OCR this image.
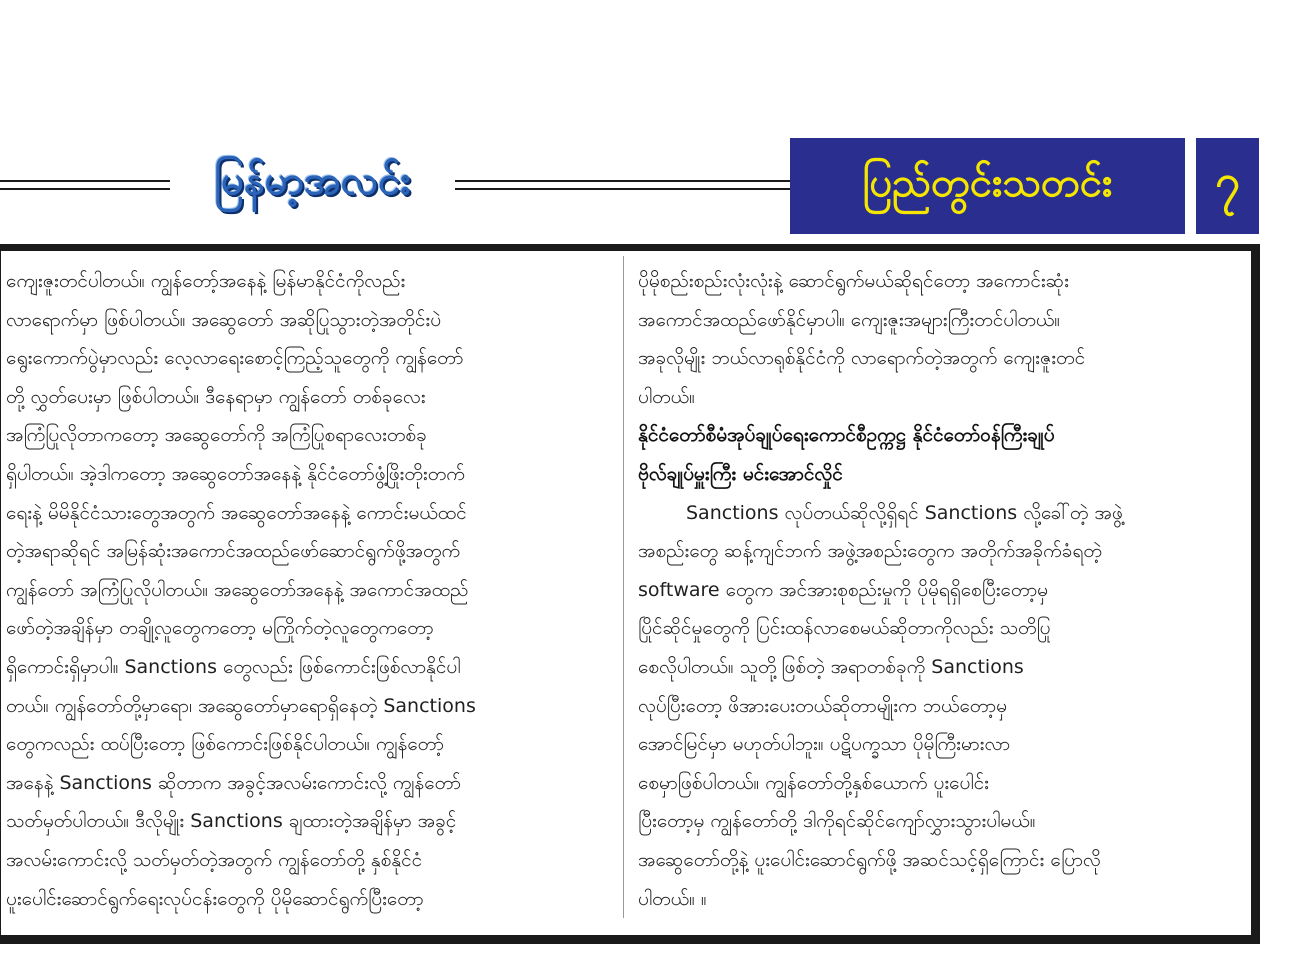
မြန်မာ့အလင်း	ပြည်တွင်းသတင်း ၇
ကျေးဇူးတင်ပါတယ်။ ကျွန်တော့်အနေနဲ့ မြန်မာနိုင်ငံကိုလည်း
လာရောက်မှာ ဖြစ်ပါတယ်။ အဆွေတော် အဆိုပြုသွားတဲ့အတိုင်းပဲ
ရွေးကောက်ပွဲမှာလည်း လေ့လာရေးစောင့်ကြည့်သူတွေကို ကျွန်တော်
တို့ လွှတ်ပေးမှာ ဖြစ်ပါတယ်။ ဒီနေရာမှာ ကျွန်တော် တစ်ခုလေး
အကြံပြုလိုတာကတော့ အဆွေတော်ကို အကြံပြုစရာလေးတစ်ခု
ရှိပါတယ်။ အဲ့ဒါကတော့ အဆွေတော်အနေနဲ့ နိုင်ငံတော်ဖွံ့ဖြိုးတိုးတက်
ရေးနဲ့ မိမိနိုင်ငံသားတွေအတွက် အဆွေတော်အနေနဲ့ ကောင်းမယ်ထင်
တဲ့အရာဆိုရင် အမြန်ဆုံးအကောင်အထည်ဖော်ဆောင်ရွက်ဖို့အတွက်
ကျွန်တော် အကြံပြုလိုပါတယ်။ အဆွေတော်အနေနဲ့ အကောင်အထည်
ဖော်တဲ့အချိန်မှာ တချို့လူတွေကတော့ မကြိုက်တဲ့လူတွေကတော့
ရှိကောင်းရှိမှာပါ။ Sanctions တွေလည်း ဖြစ်ကောင်းဖြစ်လာနိုင်ပါ
တယ်။ ကျွန်တော်တို့မှာရော၊ အဆွေတော်မှာရောရှိနေတဲ့ Sanctions
တွေကလည်း ထပ်ပြီးတော့ ဖြစ်ကောင်းဖြစ်နိုင်ပါတယ်။ ကျွန်တော့်
အနေနဲ့ Sanctions ဆိုတာက အခွင့်အလမ်းကောင်းလို့ ကျွန်တော်
သတ်မှတ်ပါတယ်။ ဒီလိုမျိုး Sanctions ချထားတဲ့အချိန်မှာ အခွင့်
အလမ်းကောင်းလို့ သတ်မှတ်တဲ့အတွက် ကျွန်တော်တို့ နှစ်နိုင်ငံ
ပူးပေါင်းဆောင်ရွက်ရေးလုပ်ငန်းတွေကို ပိုမိုဆောင်ရွက်ပြီးတော့
ပိုမိုစည်းစည်းလုံးလုံးနဲ့ ဆောင်ရွက်မယ်ဆိုရင်တော့ အကောင်းဆုံး
အကောင်အထည်ဖော်နိုင်မှာပါ။ ကျေးဇူးအများကြီးတင်ပါတယ်။
အခုလိုမျိုး ဘယ်လာရုစ်နိုင်ငံကို လာရောက်တဲ့အတွက် ကျေးဇူးတင်
ပါတယ်။
နိုင်ငံတော်စီမံအုပ်ချုပ်ရေးကောင်စီဥက္ကဋ္ဌ နိုင်ငံတော်ဝန်ကြီးချုပ်
ဗိုလ်ချုပ်မှူးကြီး မင်းအောင်လှိုင်
Sanctions လုပ်တယ်ဆိုလို့ရှိရင် Sanctions လို့ခေါ်တဲ့ အဖွဲ့
အစည်းတွေ ဆန့်ကျင်ဘက် အဖွဲ့အစည်းတွေက အတိုက်အခိုက်ခံရတဲ့
software တွေက အင်အားစုစည်းမှုကို ပိုမိုရရှိစေပြီးတော့မှ
ပြိုင်ဆိုင်မှုတွေကို ပြင်းထန်လာစေမယ်ဆိုတာကိုလည်း သတိပြု
စေလိုပါတယ်။ သူတို့ဖြစ်တဲ့ အရာတစ်ခုကို Sanctions
လုပ်ပြီးတော့ ဖိအားပေးတယ်ဆိုတာမျိုးက ဘယ်တော့မှ
အောင်မြင်မှာ မဟုတ်ပါဘူး။ ပဋိပက္ခသာ ပိုမိုကြီးမားလာ
စေမှာဖြစ်ပါတယ်။ ကျွန်တော်တို့နှစ်ယောက် ပူးပေါင်း
ပြီးတော့မှ ကျွန်တော်တို့ ဒါကိုရင်ဆိုင်ကျော်လွှားသွားပါမယ်။
အဆွေတော်တို့နဲ့ ပူးပေါင်းဆောင်ရွက်ဖို့ အဆင်သင့်ရှိကြောင်း ပြောလို
ပါတယ်။ ။
